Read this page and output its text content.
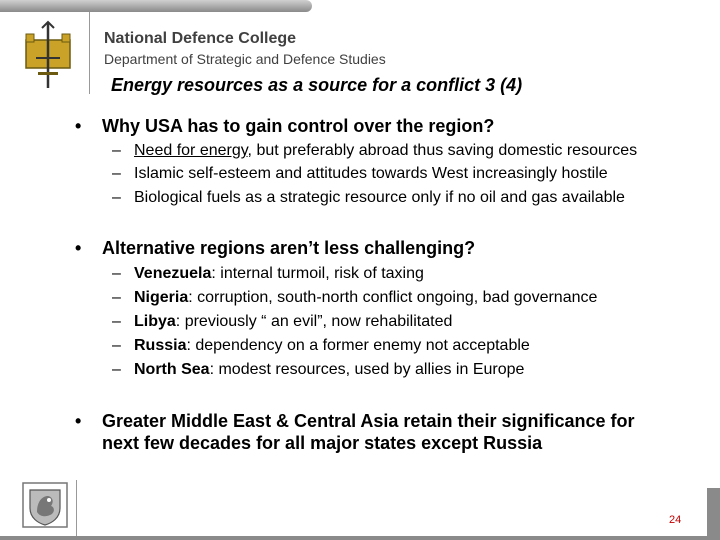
National Defence College
Department of Strategic and Defence Studies
Energy resources as a source for a conflict 3 (4)
• Why USA has to gain control over the region?
– Need for energy, but preferably abroad thus saving domestic resources
– Islamic self-esteem and attitudes towards West increasingly hostile
– Biological fuels as a strategic resource only if no oil and gas available
• Alternative regions aren’t less challenging?
– Venezuela: internal turmoil, risk of taxing
– Nigeria: corruption, south-north conflict ongoing, bad governance
– Libya: previously “ an evil”, now rehabilitated
– Russia: dependency on a former enemy not acceptable
– North Sea: modest resources, used by allies in Europe
• Greater Middle East & Central Asia retain their significance for
next few decades for all major states except Russia
24
